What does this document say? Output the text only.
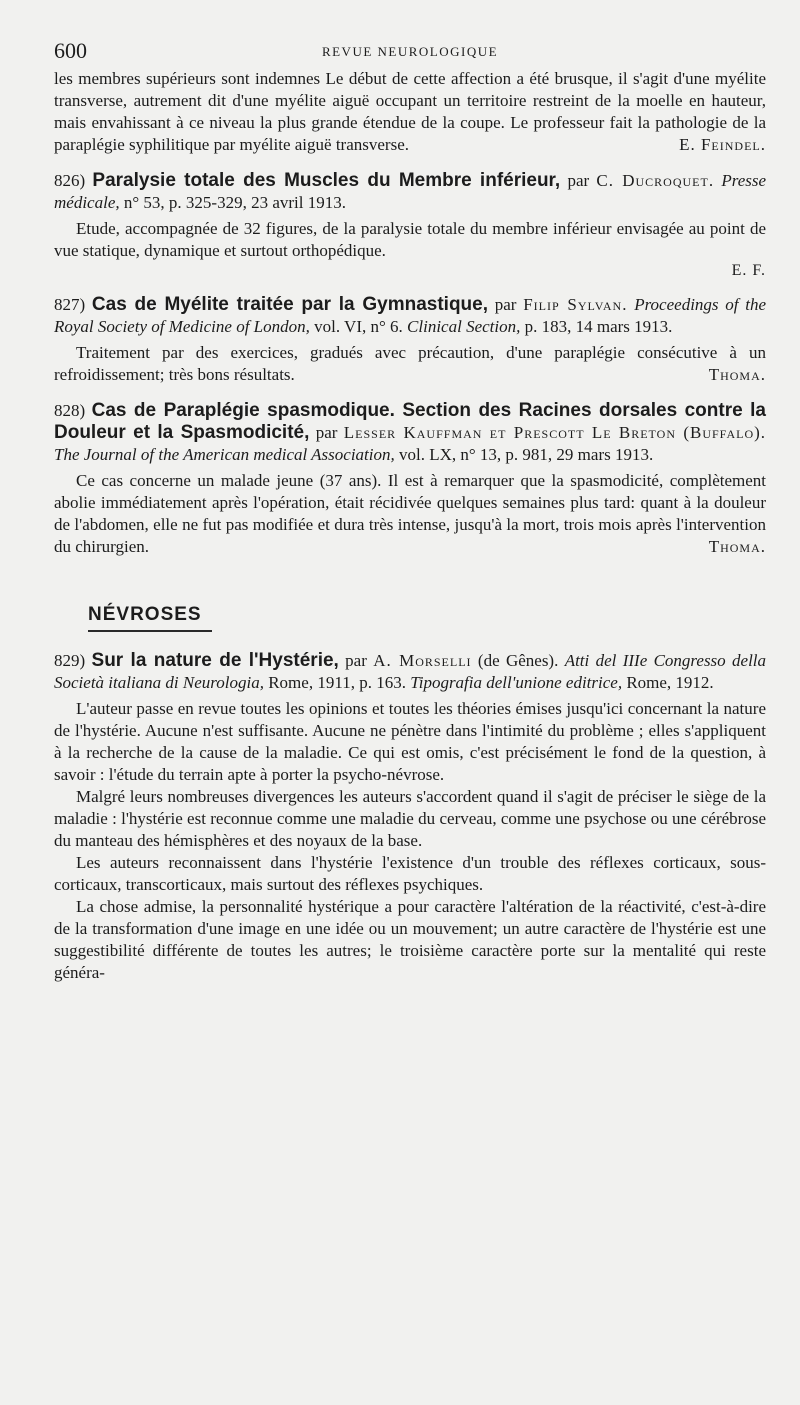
600	REVUE NEUROLOGIQUE

les membres supérieurs sont indemnes Le début de cette affection a été brusque, il s'agit d'une myélite transverse, autrement dit d'une myélite aiguë occupant un territoire restreint de la moelle en hauteur, mais envahissant à ce niveau la plus grande étendue de la coupe. Le professeur fait la pathologie de la paraplégie syphilitique par myélite aiguë transverse.	E. Feindel.

826) Paralysie totale des Muscles du Membre inférieur, par C. Ducroquet. Presse médicale, n° 53, p. 325-329, 23 avril 1913.

Etude, accompagnée de 32 figures, de la paralysie totale du membre inférieur envisagée au point de vue statique, dynamique et surtout orthopédique.

E. F.
827) Cas de Myélite traitée par la Gymnastique, par Filip Sylvan. Proceedings of the Royal Society of Medicine of London, vol. VI, n° 6. Clinical Section, p. 183, 14 mars 1913.

Traitement par des exercices, gradués avec précaution, d'une paraplégie consécutive à un refroidissement; très bons résultats.	Thoma.

828) Cas de Paraplégie spasmodique. Section des Racines dorsales contre la Douleur et la Spasmodicité, par Lesser Kauffman et Prescott Le Breton (Buffalo). The Journal of the American medical Association, vol. LX, n° 13, p. 981, 29 mars 1913.

Ce cas concerne un malade jeune (37 ans). Il est à remarquer que la spasmodicité, complètement abolie immédiatement après l'opération, était récidivée quelques semaines plus tard: quant à la douleur de l'abdomen, elle ne fut pas modifiée et dura très intense, jusqu'à la mort, trois mois après l'intervention du chirurgien.	Thoma.

NÉVROSES
829) Sur la nature de l'Hystérie, par A. Morselli (de Gênes). Atti del IIIe Congresso della Società italiana di Neurologia, Rome, 1911, p. 163. Tipografia dell'unione editrice, Rome, 1912.

L'auteur passe en revue toutes les opinions et toutes les théories émises jusqu'ici concernant la nature de l'hystérie. Aucune n'est suffisante. Aucune ne pénètre dans l'intimité du problème ; elles s'appliquent à la recherche de la cause de la maladie. Ce qui est omis, c'est précisément le fond de la question, à savoir : l'étude du terrain apte à porter la psycho-névrose.

Malgré leurs nombreuses divergences les auteurs s'accordent quand il s'agit de préciser le siège de la maladie : l'hystérie est reconnue comme une maladie du cerveau, comme une psychose ou une cérébrose du manteau des hémisphères et des noyaux de la base.

Les auteurs reconnaissent dans l'hystérie l'existence d'un trouble des réflexes corticaux, sous-corticaux, transcorticaux, mais surtout des réflexes psychiques.

La chose admise, la personnalité hystérique a pour caractère l'altération de la réactivité, c'est-à-dire de la transformation d'une image en une idée ou un mouvement; un autre caractère de l'hystérie est une suggestibilité différente de toutes les autres; le troisième caractère porte sur la mentalité qui reste généra-
